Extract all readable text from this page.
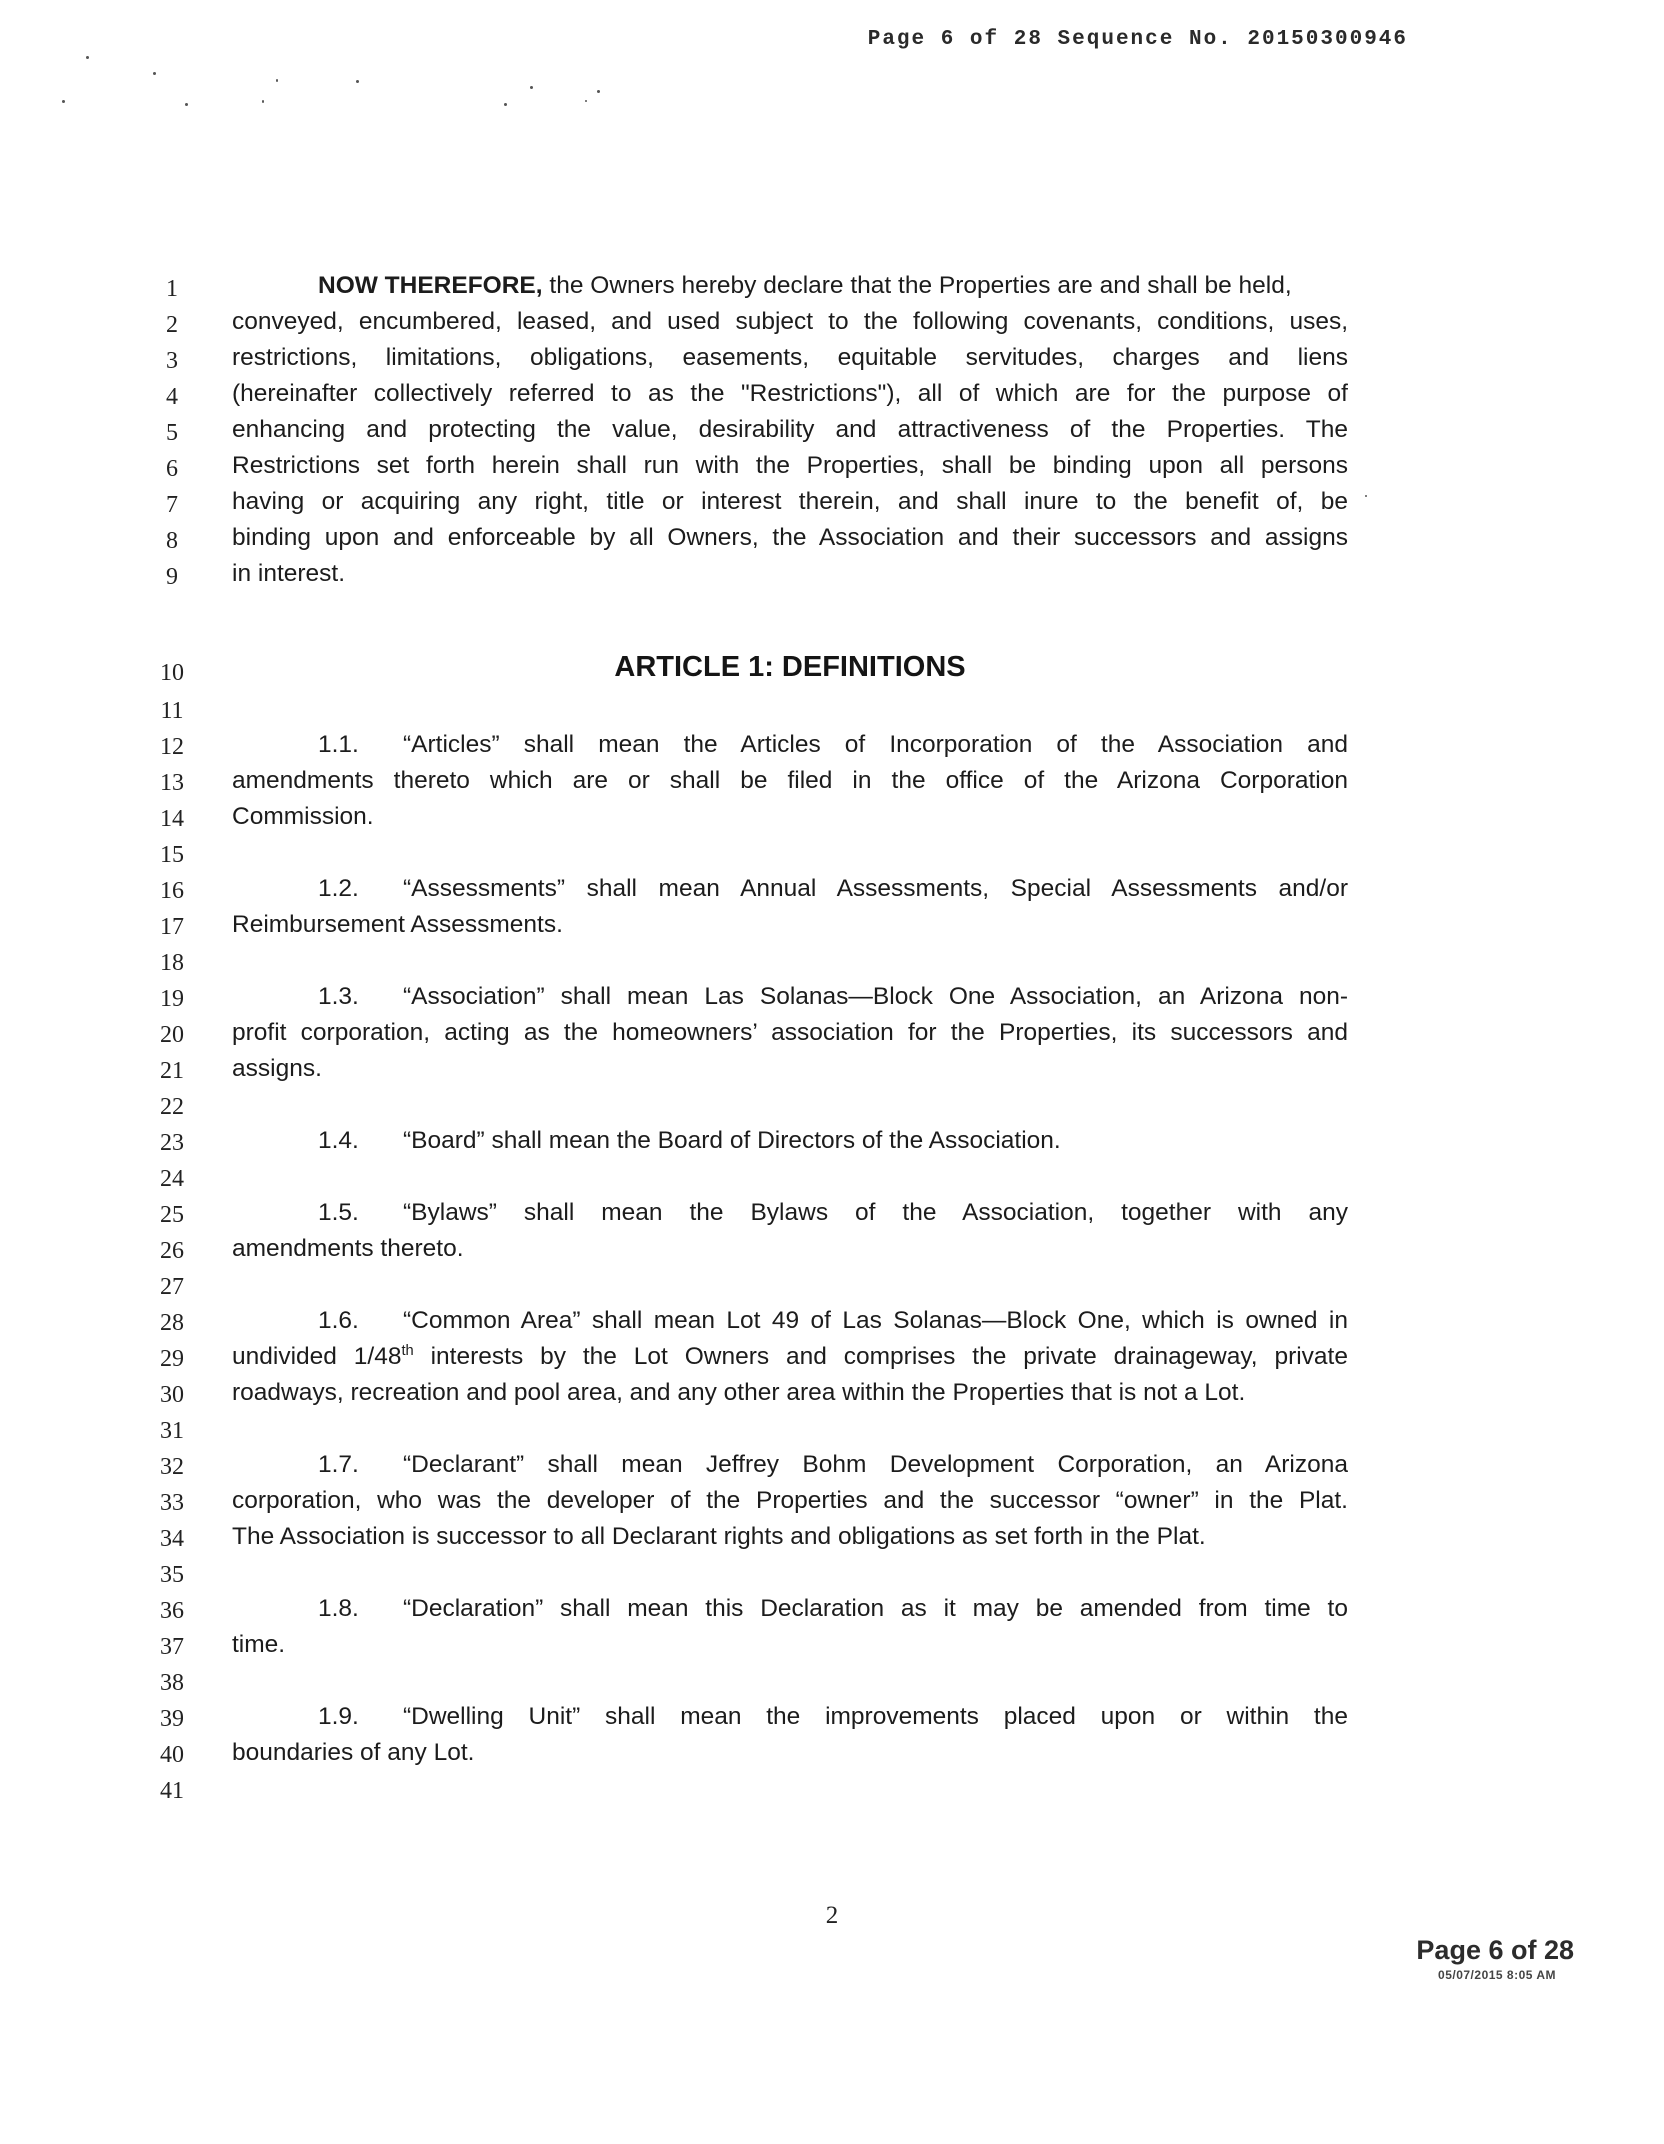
Page 6 of 28 Sequence No. 20150300946
1
2
3
4
5
6
7
8
9
10
11
12
13
14
15
16
17
18
19
20
21
22
23
24
25
26
27
28
29
30
31
32
33
34
35
36
37
38
39
40
41
NOW THEREFORE, the Owners hereby declare that the Properties are and shall be held,
conveyed, encumbered, leased, and used subject to the following covenants, conditions, uses,
restrictions, limitations, obligations, easements, equitable servitudes, charges and liens
(hereinafter collectively referred to as the "Restrictions"), all of which are for the purpose of
enhancing and protecting the value, desirability and attractiveness of the Properties. The
Restrictions set forth herein shall run with the Properties, shall be binding upon all persons
having or acquiring any right, title or interest therein, and shall inure to the benefit of, be
binding upon and enforceable by all Owners, the Association and their successors and assigns
in interest.
ARTICLE 1: DEFINITIONS
1.1. “Articles” shall mean the Articles of Incorporation of the Association and
amendments thereto which are or shall be filed in the office of the Arizona Corporation
Commission.
1.2. “Assessments” shall mean Annual Assessments, Special Assessments and/or
Reimbursement Assessments.
1.3. “Association” shall mean Las Solanas—Block One Association, an Arizona non-
profit corporation, acting as the homeowners’ association for the Properties, its successors and
assigns.
1.4. “Board” shall mean the Board of Directors of the Association.
1.5. “Bylaws” shall mean the Bylaws of the Association, together with any
amendments thereto.
1.6. “Common Area” shall mean Lot 49 of Las Solanas—Block One, which is owned in
undivided 1/48th interests by the Lot Owners and comprises the private drainageway, private
roadways, recreation and pool area, and any other area within the Properties that is not a Lot.
1.7. “Declarant” shall mean Jeffrey Bohm Development Corporation, an Arizona
corporation, who was the developer of the Properties and the successor “owner” in the Plat.
The Association is successor to all Declarant rights and obligations as set forth in the Plat.
1.8. “Declaration” shall mean this Declaration as it may be amended from time to
time.
1.9. “Dwelling Unit” shall mean the improvements placed upon or within the
boundaries of any Lot.
2
Page 6 of 28
05/07/2015 8:05 AM
